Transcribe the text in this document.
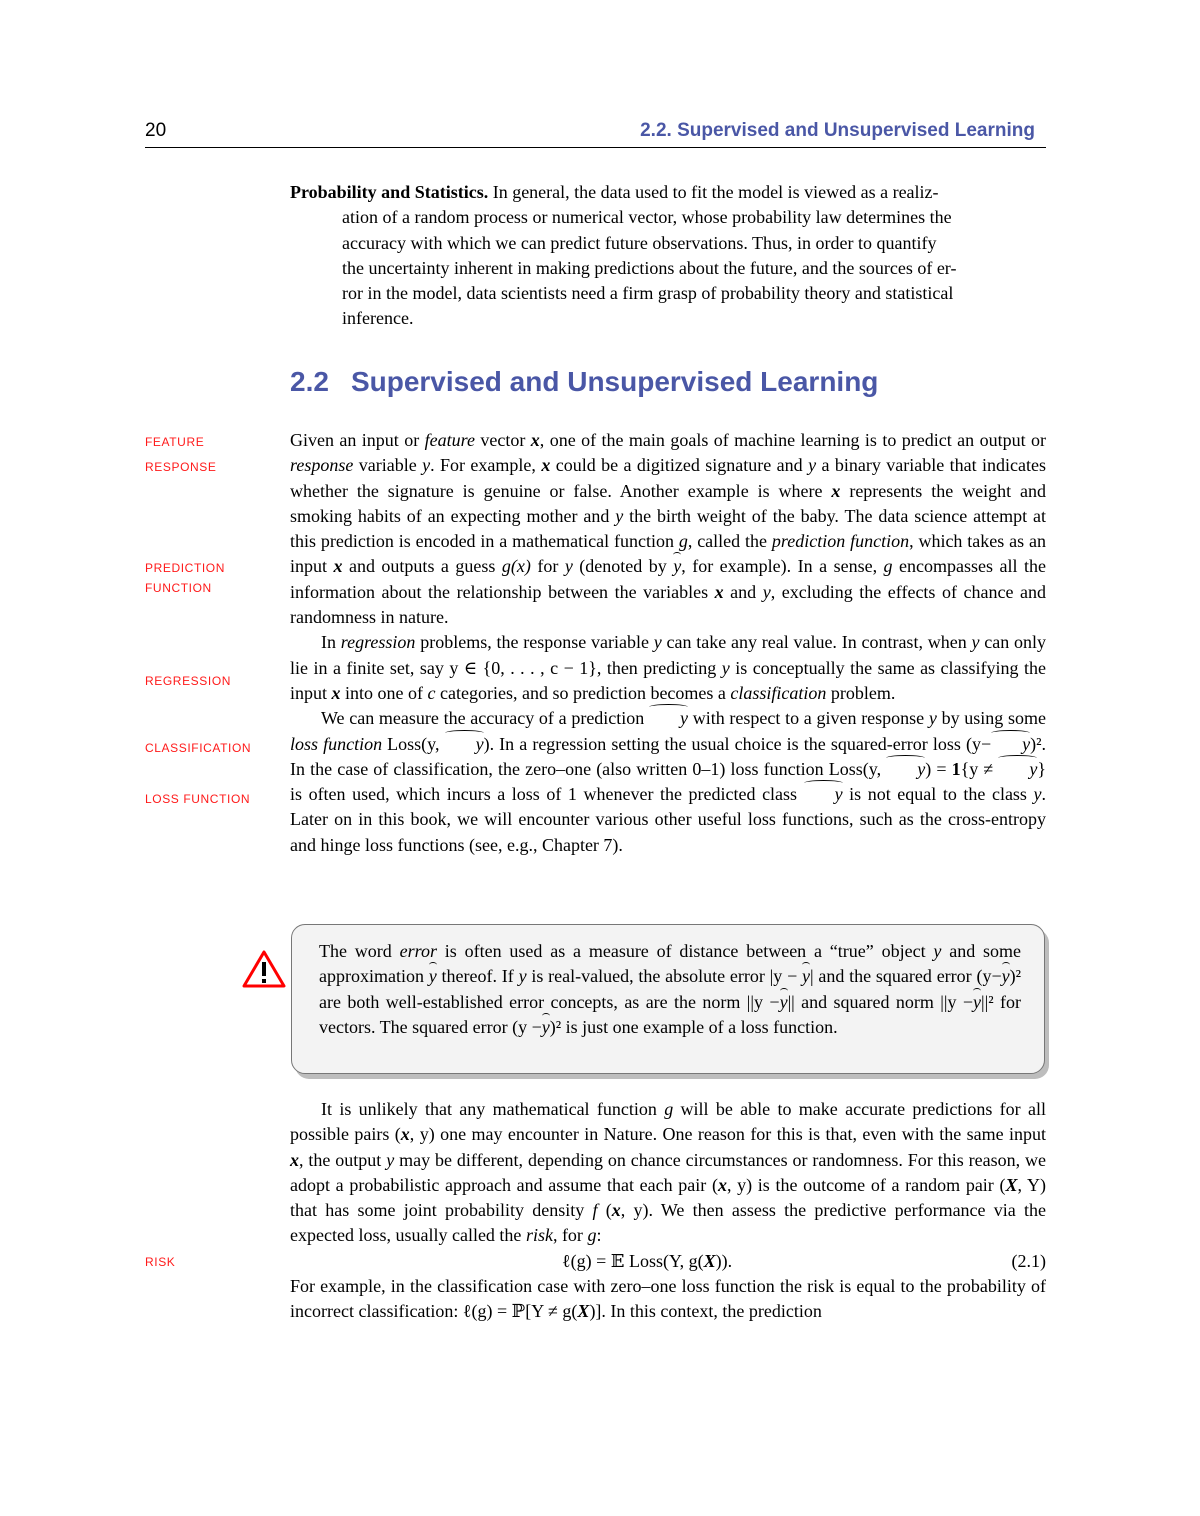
20	2.2. Supervised and Unsupervised Learning
Probability and Statistics. In general, the data used to fit the model is viewed as a realiz-
ation of a random process or numerical vector, whose probability law determines the
accuracy with which we can predict future observations. Thus, in order to quantify
the uncertainty inherent in making predictions about the future, and the sources of er-
ror in the model, data scientists need a firm grasp of probability theory and statistical
inference.
2.2 Supervised and Unsupervised Learning
FEATURE
RESPONSE
PREDICTION
FUNCTION
REGRESSION
CLASSIFICATION
LOSS FUNCTION
RISK

Given an input or feature vector x, one of the main goals of machine learning is to predict an output or response variable y. For example, x could be a digitized signature and y a binary variable that indicates whether the signature is genuine or false. Another example is where x represents the weight and smoking habits of an expecting mother and y the birth weight of the baby. The data science attempt at this prediction is encoded in a mathematical function g, called the prediction function, which takes as an input x and outputs a guess g(x) for y (denoted by y, for example). In a sense, g encompasses all the information about the relationship between the variables x and y, excluding the effects of chance and randomness in nature.

In regression problems, the response variable y can take any real value. In contrast, when y can only lie in a finite set, say y ∈ {0, . . . , c − 1}, then predicting y is conceptually the same as classifying the input x into one of c categories, and so prediction becomes a classification problem.

We can measure the accuracy of a prediction y with respect to a given response y by using some loss function Loss(y, y). In a regression setting the usual choice is the squared-error loss (y− y)². In the case of classification, the zero–one (also written 0–1) loss function Loss(y, y) = 1{y ≠ y} is often used, which incurs a loss of 1 whenever the predicted class y is not equal to the class y. Later on in this book, we will encounter various other useful loss functions, such as the cross-entropy and hinge loss functions (see, e.g., Chapter 7).

The word error is often used as a measure of distance between a “true” object y and some approximation y thereof. If y is real-valued, the absolute error |y − y| and the squared error (y−y)² are both well-established error concepts, as are the norm ||y −y|| and squared norm ||y −y||² for vectors. The squared error (y −y)² is just one example of a loss function.

It is unlikely that any mathematical function g will be able to make accurate predictions for all possible pairs (x, y) one may encounter in Nature. One reason for this is that, even with the same input x, the output y may be different, depending on chance circumstances or randomness. For this reason, we adopt a probabilistic approach and assume that each pair (x, y) is the outcome of a random pair (X, Y) that has some joint probability density f (x, y). We then assess the predictive performance via the expected loss, usually called the risk, for g:

ℓ(g) = 𝔼 Loss(Y, g(X)).	(2.1)

For example, in the classification case with zero–one loss function the risk is equal to the probability of incorrect classification: ℓ(g) = ℙ[Y ≠ g(X)]. In this context, the prediction
